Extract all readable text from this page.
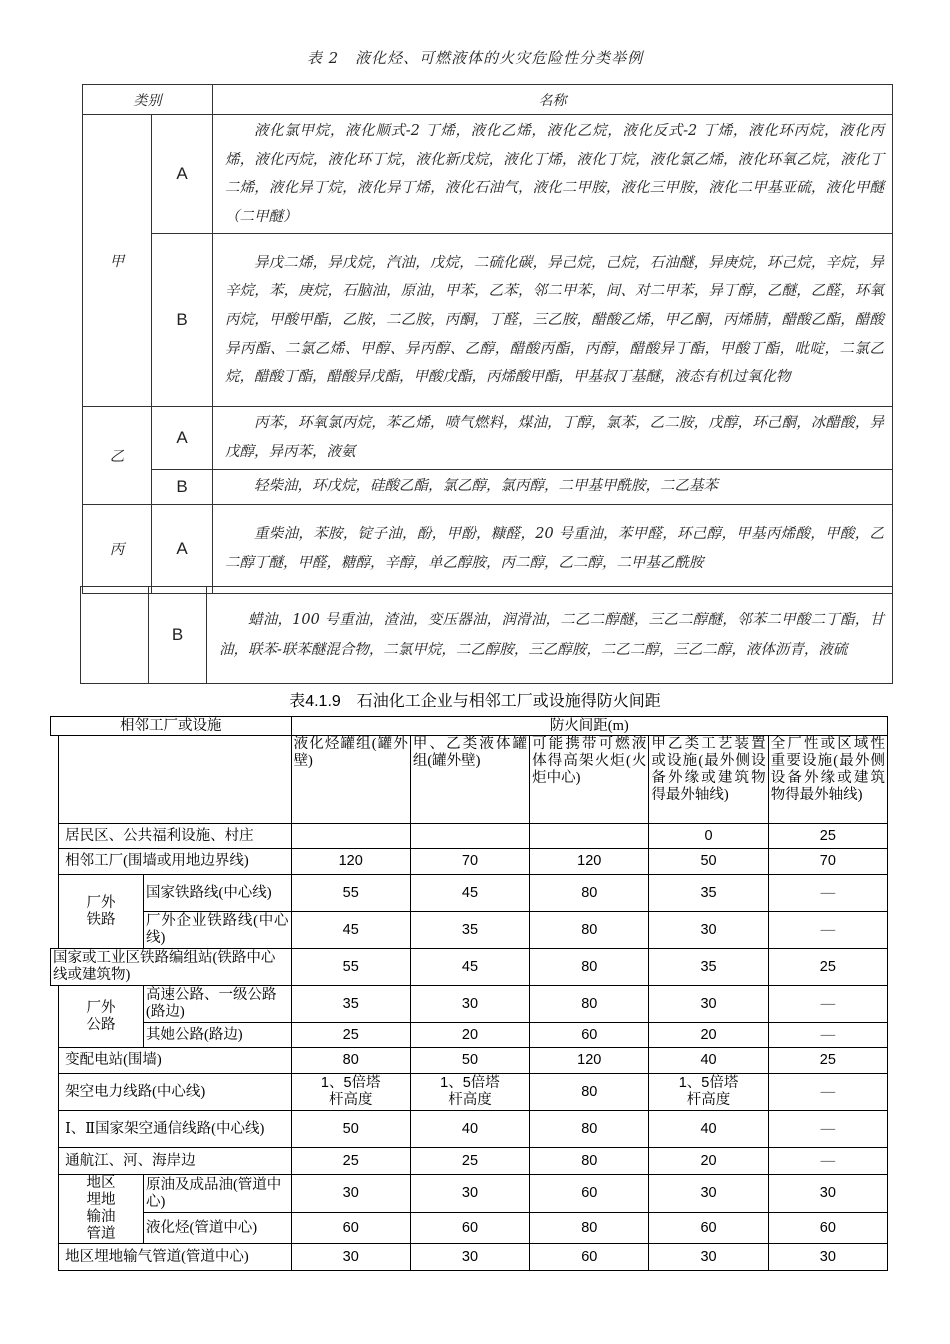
表 2　液化烃、可燃液体的火灾危险性分类举例
类别		名称
甲	A	液化氯甲烷，液化顺式-2 丁烯，液化乙烯，液化乙烷，液化反式-2 丁烯，液化环丙烷，液化丙烯，液化丙烷，液化环丁烷，液化新戊烷，液化丁烯，液化丁烷，液化氯乙烯，液化环氧乙烷，液化丁二烯，液化异丁烷，液化异丁烯，液化石油气，液化二甲胺，液化三甲胺，液化二甲基亚硫，液化甲醚（二甲醚）
	B	异戊二烯，异戊烷，汽油，戊烷，二硫化碳，异己烷，己烷，石油醚，异庚烷，环己烷，辛烷，异辛烷，苯，庚烷，石脑油，原油，甲苯，乙苯，邻二甲苯，间、对二甲苯，异丁醇，乙醚，乙醛，环氧丙烷，甲酸甲酯，乙胺，二乙胺，丙酮，丁醛，三乙胺，醋酸乙烯，甲乙酮，丙烯腈，醋酸乙酯，醋酸异丙酯、二氯乙烯、甲醇、异丙醇、乙醇，醋酸丙酯，丙醇，醋酸异丁酯，甲酸丁酯，吡啶，二氯乙烷，醋酸丁酯，醋酸异戊酯，甲酸戊酯，丙烯酸甲酯，甲基叔丁基醚，液态有机过氧化物
乙	A	丙苯，环氧氯丙烷，苯乙烯，喷气燃料，煤油，丁醇，氯苯，乙二胺，戊醇，环己酮，冰醋酸，异戊醇，异丙苯，液氨
	B	轻柴油，环戊烷，硅酸乙酯，氯乙醇，氯丙醇，二甲基甲酰胺，二乙基苯
丙	A	重柴油，苯胺，锭子油，酚，甲酚，糠醛，20 号重油，苯甲醛，环己醇，甲基丙烯酸，甲酸，乙二醇丁醚，甲醛，糖醇，辛醇，单乙醇胺，丙二醇，乙二醇，二甲基乙酰胺
	B	蜡油，100 号重油，渣油，变压器油，润滑油，二乙二醇醚，三乙二醇醚，邻苯二甲酸二丁酯，甘油，联苯-联苯醚混合物，二氯甲烷，二乙醇胺，三乙醇胺，二乙二醇，三乙二醇，液体沥青，液硫
表4.1.9　石油化工企业与相邻工厂或设施得防火间距
相邻工厂或设施			防火间距(m)				
			液化烃罐组(罐外壁)	甲、乙类液体罐组(罐外壁)	可能携带可燃液体得高架火炬(火炬中心)	甲乙类工艺装置或设施(最外侧设备外缘或建筑物得最外轴线)	全厂性或区域性重要设施(最外侧设备外缘或建筑物得最外轴线)
	居民区、公共福利设施、村庄					0	25
	相邻工厂(围墙或用地边界线)		120	70	120	50	70
	厂外铁路	国家铁路线(中心线)	55	45	80	35	—
		厂外企业铁路线(中心线)	45	35	80	30	—
国家或工业区铁路编组站(铁路中心线或建筑物)			55	45	80	35	25
	厂外公路	高速公路、一级公路(路边)	35	30	80	30	—
		其她公路(路边)	25	20	60	20	—
	变配电站(围墙)		80	50	120	40	25
	架空电力线路(中心线)		1、5倍塔杆高度	1、5倍塔杆高度	80	1、5倍塔杆高度	—
	Ⅰ、Ⅱ国家架空通信线路(中心线)		50	40	80	40	—
	通航江、河、海岸边		25	25	80	20	—
	地区埋地输油管道	原油及成品油(管道中心)	30	30	60	30	30
		液化烃(管道中心)	60	60	80	60	60
	地区埋地输气管道(管道中心)		30	30	60	30	30
